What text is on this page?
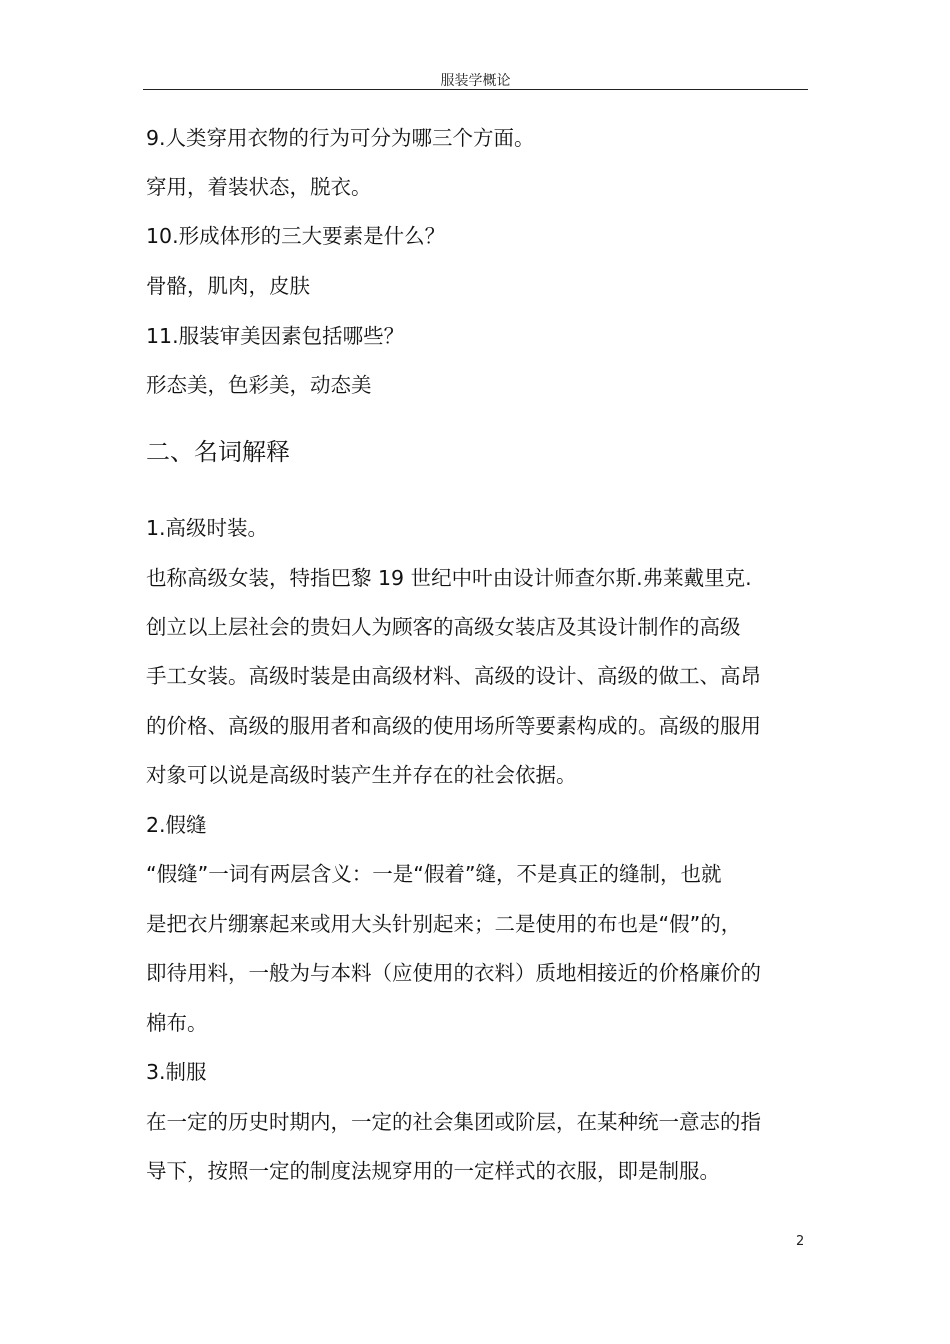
服装学概论
9.人类穿用衣物的行为可分为哪三个方面。
穿用，着装状态，脱衣。
10.形成体形的三大要素是什么？
骨骼，肌肉，皮肤
11.服装审美因素包括哪些？
形态美，色彩美，动态美
二、名词解释
1.高级时装。
也称高级女装，特指巴黎 19 世纪中叶由设计师查尔斯.弗莱戴里克.
创立以上层社会的贵妇人为顾客的高级女装店及其设计制作的高级
手工女装。高级时装是由高级材料、高级的设计、高级的做工、高昂
的价格、高级的服用者和高级的使用场所等要素构成的。高级的服用
对象可以说是高级时装产生并存在的社会依据。
2.假缝
“假缝”一词有两层含义：一是“假着”缝，不是真正的缝制，也就
是把衣片绷寨起来或用大头针别起来；二是使用的布也是“假”的，
即待用料，一般为与本料（应使用的衣料）质地相接近的价格廉价的
棉布。
3.制服
在一定的历史时期内，一定的社会集团或阶层，在某种统一意志的指
导下，按照一定的制度法规穿用的一定样式的衣服，即是制服。
2
